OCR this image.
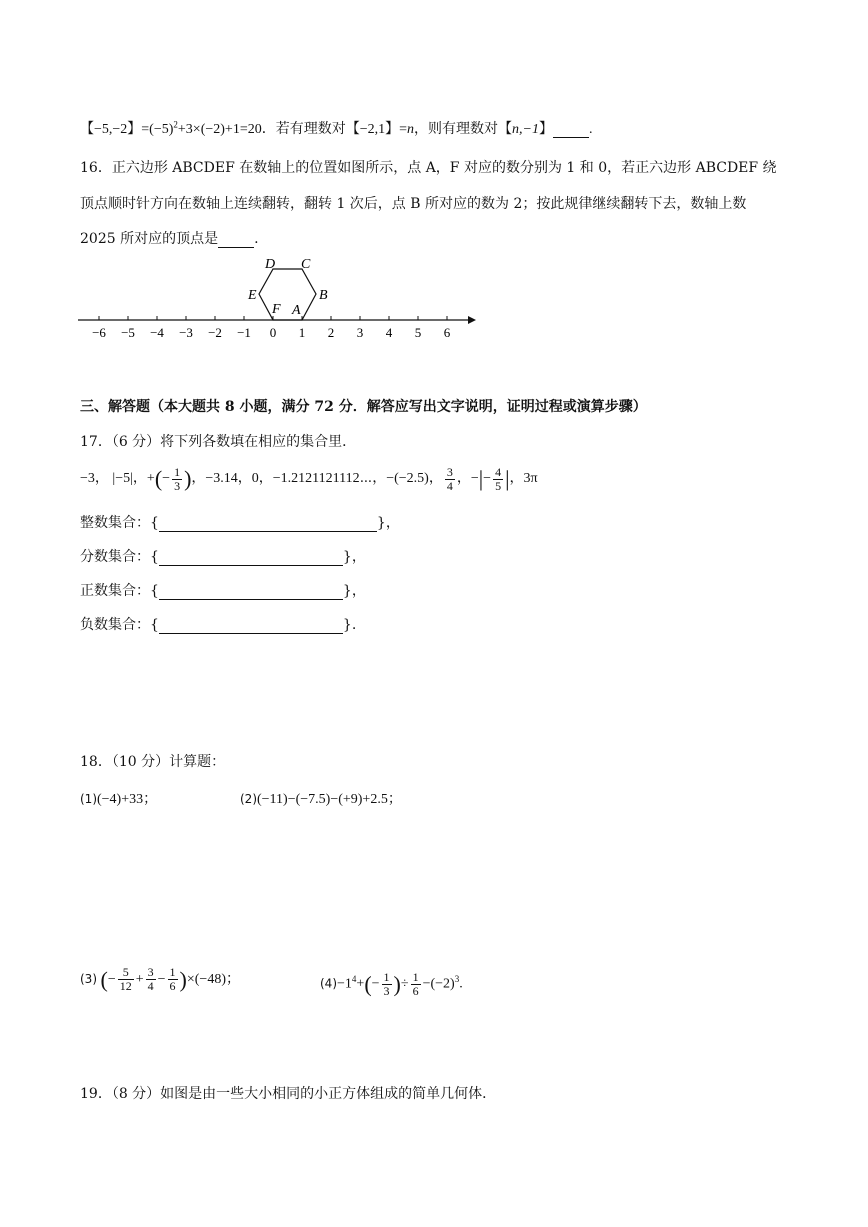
【−5,−2】$=(-5)^2+3\times(-2)+1=20$．若有理数对【−2,1】=n，则有理数对【n,−1】	.
16．正六边形 ABCDEF 在数轴上的位置如图所示，点 A，F 对应的数分别为 1 和 0，若正六边形 ABCDEF 绕
顶点顺时针方向在数轴上连续翻转，翻转 1 次后，点 B 所对应的数为 2；按此规律继续翻转下去，数轴上数
2025 所对应的顶点是	.
−6 −5 −4 −3 −2 −1 0 1 2 3 4 5 6
D C
E	B
F A
三、解答题（本大题共 8 小题，满分 72 分．解答应写出文字说明，证明过程或演算步骤）
17．（6 分）将下列各数填在相应的集合里．
−3， |−5|，+(− $\frac{1}{3}$ )，−3.14，0，−1.2121121112⋯，−(−2.5)， $\frac{3}{4}$ ，−|− $\frac{4}{5}$ |，3π
整数集合：{	}，
分数集合：{	}，
正数集合：{	}，
负数集合：{	}.
18．（10 分）计算题：
(1)(−4)+33；	(2)(−11)−(−7.5)−(+9)+2.5；
(3) (− $\frac{5}{12} + \frac{3}{4} - \frac{1}{6} )\times(-48)$；	$(4)-1^4+(- \frac{1}{3}$ )÷ $\frac{1}{6} -(-2)^3$.
19．（8 分）如图是由一些大小相同的小正方体组成的简单几何体．
